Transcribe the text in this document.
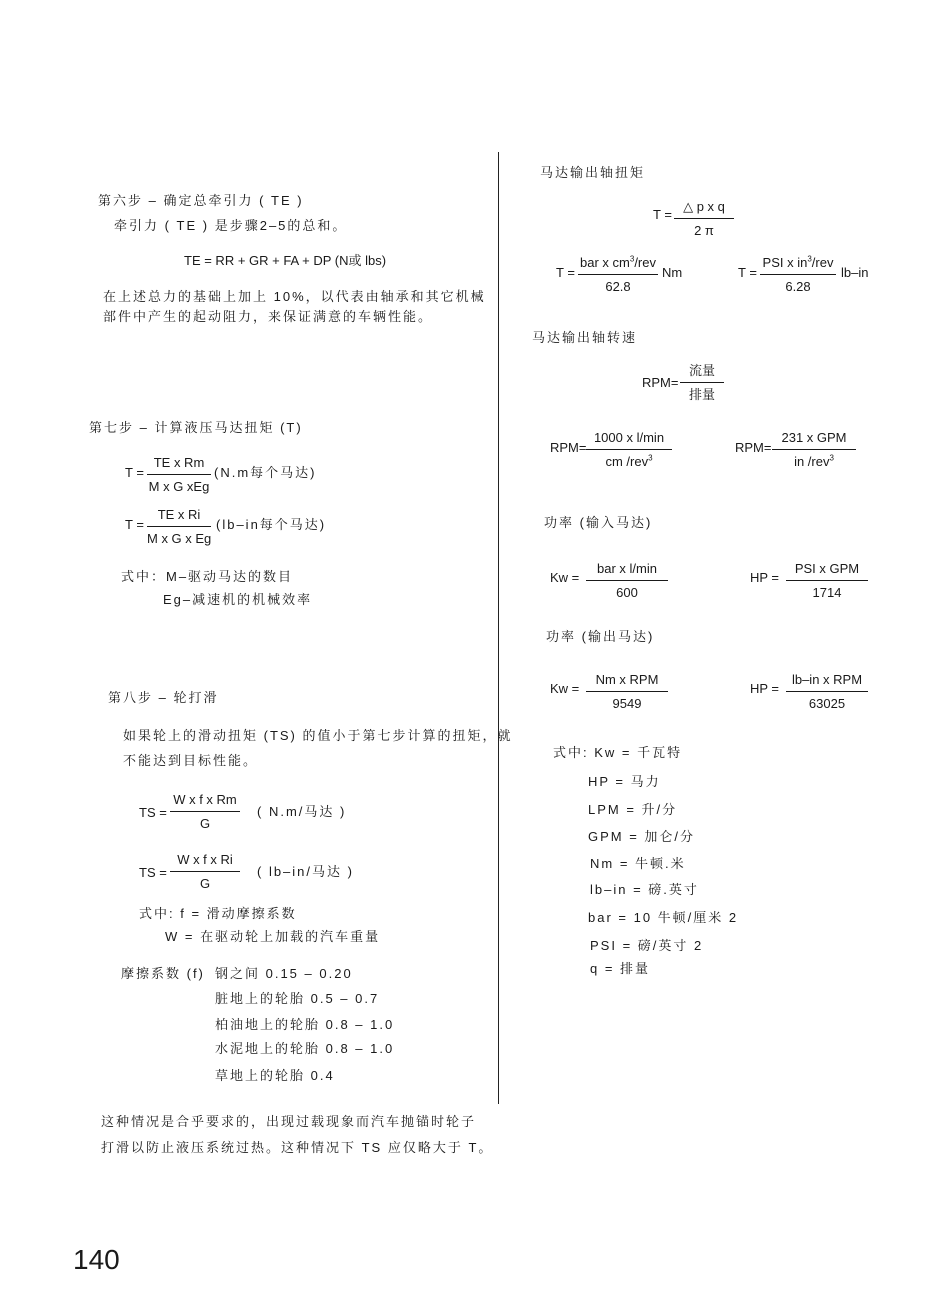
第六步 – 确定总牵引力 ( TE )
牵引力 ( TE ) 是步骤2–5的总和。
TE = RR + GR + FA + DP (N或 lbs)
在上述总力的基础上加上 10%，以代表由轴承和其它机械
部件中产生的起动阻力，来保证满意的车辆性能。
第七步 – 计算液压马达扭矩 (T)
T =
TE x Rm
M x G xEg
(N.m每个马达)
T =
TE x Ri
M x G x Eg
(lb–in每个马达)
式中：M–驱动马达的数目
Eg–减速机的机械效率
第八步 – 轮打滑
如果轮上的滑动扭矩 (TS) 的值小于第七步计算的扭矩，就
不能达到目标性能。
TS =
W x f x Rm
G
( N.m/马达 )
TS =
W x f x Ri
G
( lb–in/马达 )
式中: f = 滑动摩擦系数
W = 在驱动轮上加载的汽车重量
摩擦系数 (f) 钢之间 0.15 – 0.20
脏地上的轮胎 0.5 – 0.7
柏油地上的轮胎 0.8 – 1.0
水泥地上的轮胎 0.8 – 1.0
草地上的轮胎 0.4
这种情况是合乎要求的，出现过载现象而汽车抛锚时轮子
打滑以防止液压系统过热。这种情况下 TS 应仅略大于 T。
马达输出轴扭矩
T =
△ p x q
2 π
T =
bar x $cm^3$/rev
62.8
Nm	T =
PSI x $in^3$/rev
6.28
lb–in
马达输出轴转速
RPM=
流量
排量
RPM=
1000 x l/min
cm /rev$^3$
RPM=
231 x GPM
in /rev$^3$
功率 (输入马达)
Kw =
bar x l/min
600
HP =
PSI x GPM
1714
功率 (输出马达)
Kw =
Nm x RPM
9549
HP =
lb–in x RPM
63025
式中: Kw = 千瓦特
HP = 马力
LPM = 升/分
GPM = 加仑/分
Nm = 牛顿.米
lb–in = 磅.英寸
bar = 10 牛顿/厘米 2
PSI = 磅/英寸 2
q = 排量
140
